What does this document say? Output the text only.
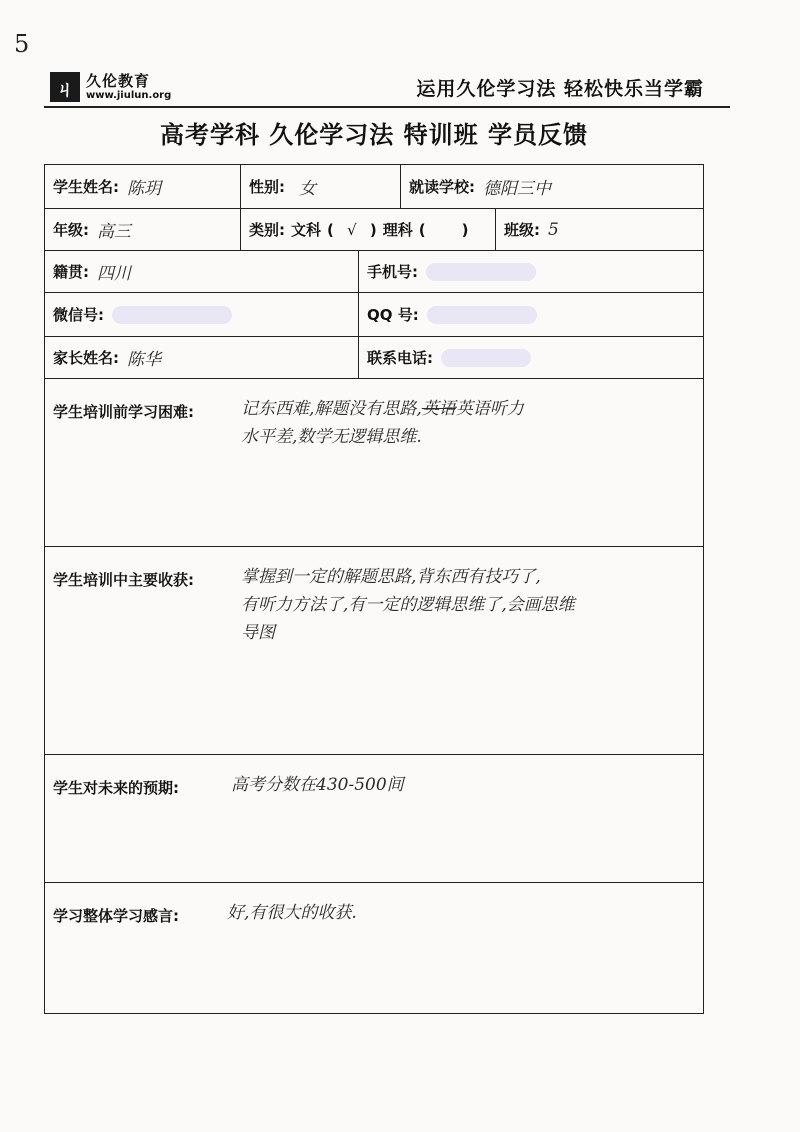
5
ㄐ 久伦教育
www.jiulun.org	运用久伦学习法 轻松快乐当学霸
高考学科 久伦学习法 特训班 学员反馈
学生姓名: 陈玥	性别: 女	就读学校: 德阳三中
年级: 高三	类别: 文科 ( √ ) 理科 ( )	班级: 5
籍贯: 四川	手机号:
微信号:	QQ 号:
家长姓名: 陈华	联系电话:
学生培训前学习困难:	记东西难,解题没有思路,英语英语听力
水平差,数学无逻辑思维.
学生培训中主要收获:	掌握到一定的解题思路,背东西有技巧了,
有听力方法了,有一定的逻辑思维了,会画思维
导图
学生对未来的预期:	高考分数在430-500间
学习整体学习感言:	好,有很大的收获.
